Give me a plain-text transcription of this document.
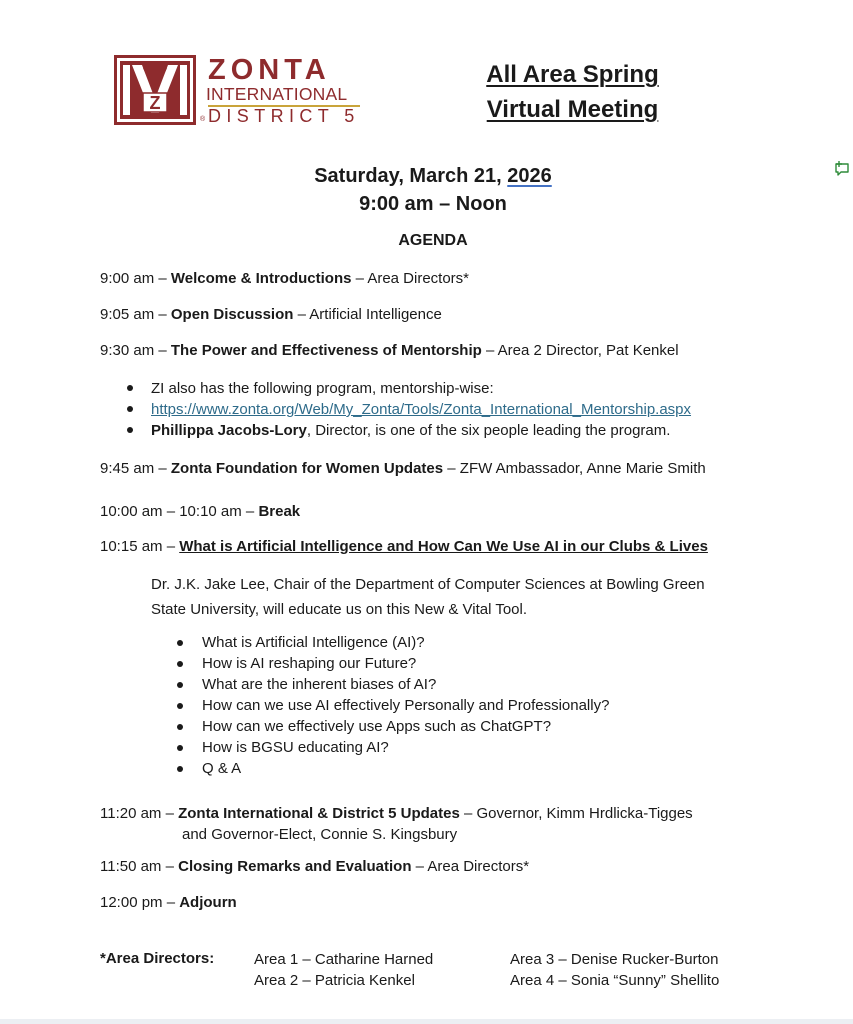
Z
®
ZONTA
INTERNATIONAL
DISTRICT 5
All Area Spring
Virtual Meeting
Saturday, March 21, 2026
9:00 am – Noon
AGENDA
9:00 am – Welcome & Introductions – Area Directors*
9:05 am – Open Discussion – Artificial Intelligence
9:30 am – The Power and Effectiveness of Mentorship – Area 2 Director, Pat Kenkel
ZI also has the following program, mentorship-wise:
https://www.zonta.org/Web/My_Zonta/Tools/Zonta_International_Mentorship.aspx
Phillippa Jacobs-Lory, Director, is one of the six people leading the program.
9:45 am – Zonta Foundation for Women Updates – ZFW Ambassador, Anne Marie Smith
10:00 am – 10:10 am – Break
10:15 am – What is Artificial Intelligence and How Can We Use AI in our Clubs & Lives
Dr. J.K. Jake Lee, Chair of the Department of Computer Sciences at Bowling Green
State University, will educate us on this New & Vital Tool.
What is Artificial Intelligence (AI)?
How is AI reshaping our Future?
What are the inherent biases of AI?
How can we use AI effectively Personally and Professionally?
How can we effectively use Apps such as ChatGPT?
How is BGSU educating AI?
Q & A
11:20 am – Zonta International & District 5 Updates – Governor, Kimm Hrdlicka-Tigges
and Governor-Elect, Connie S. Kingsbury
11:50 am – Closing Remarks and Evaluation – Area Directors*
12:00 pm – Adjourn
*Area Directors:	Area 1 – Catharine Harned
Area 2 – Patricia Kenkel
Area 3 – Denise Rucker-Burton
Area 4 – Sonia “Sunny” Shellito
